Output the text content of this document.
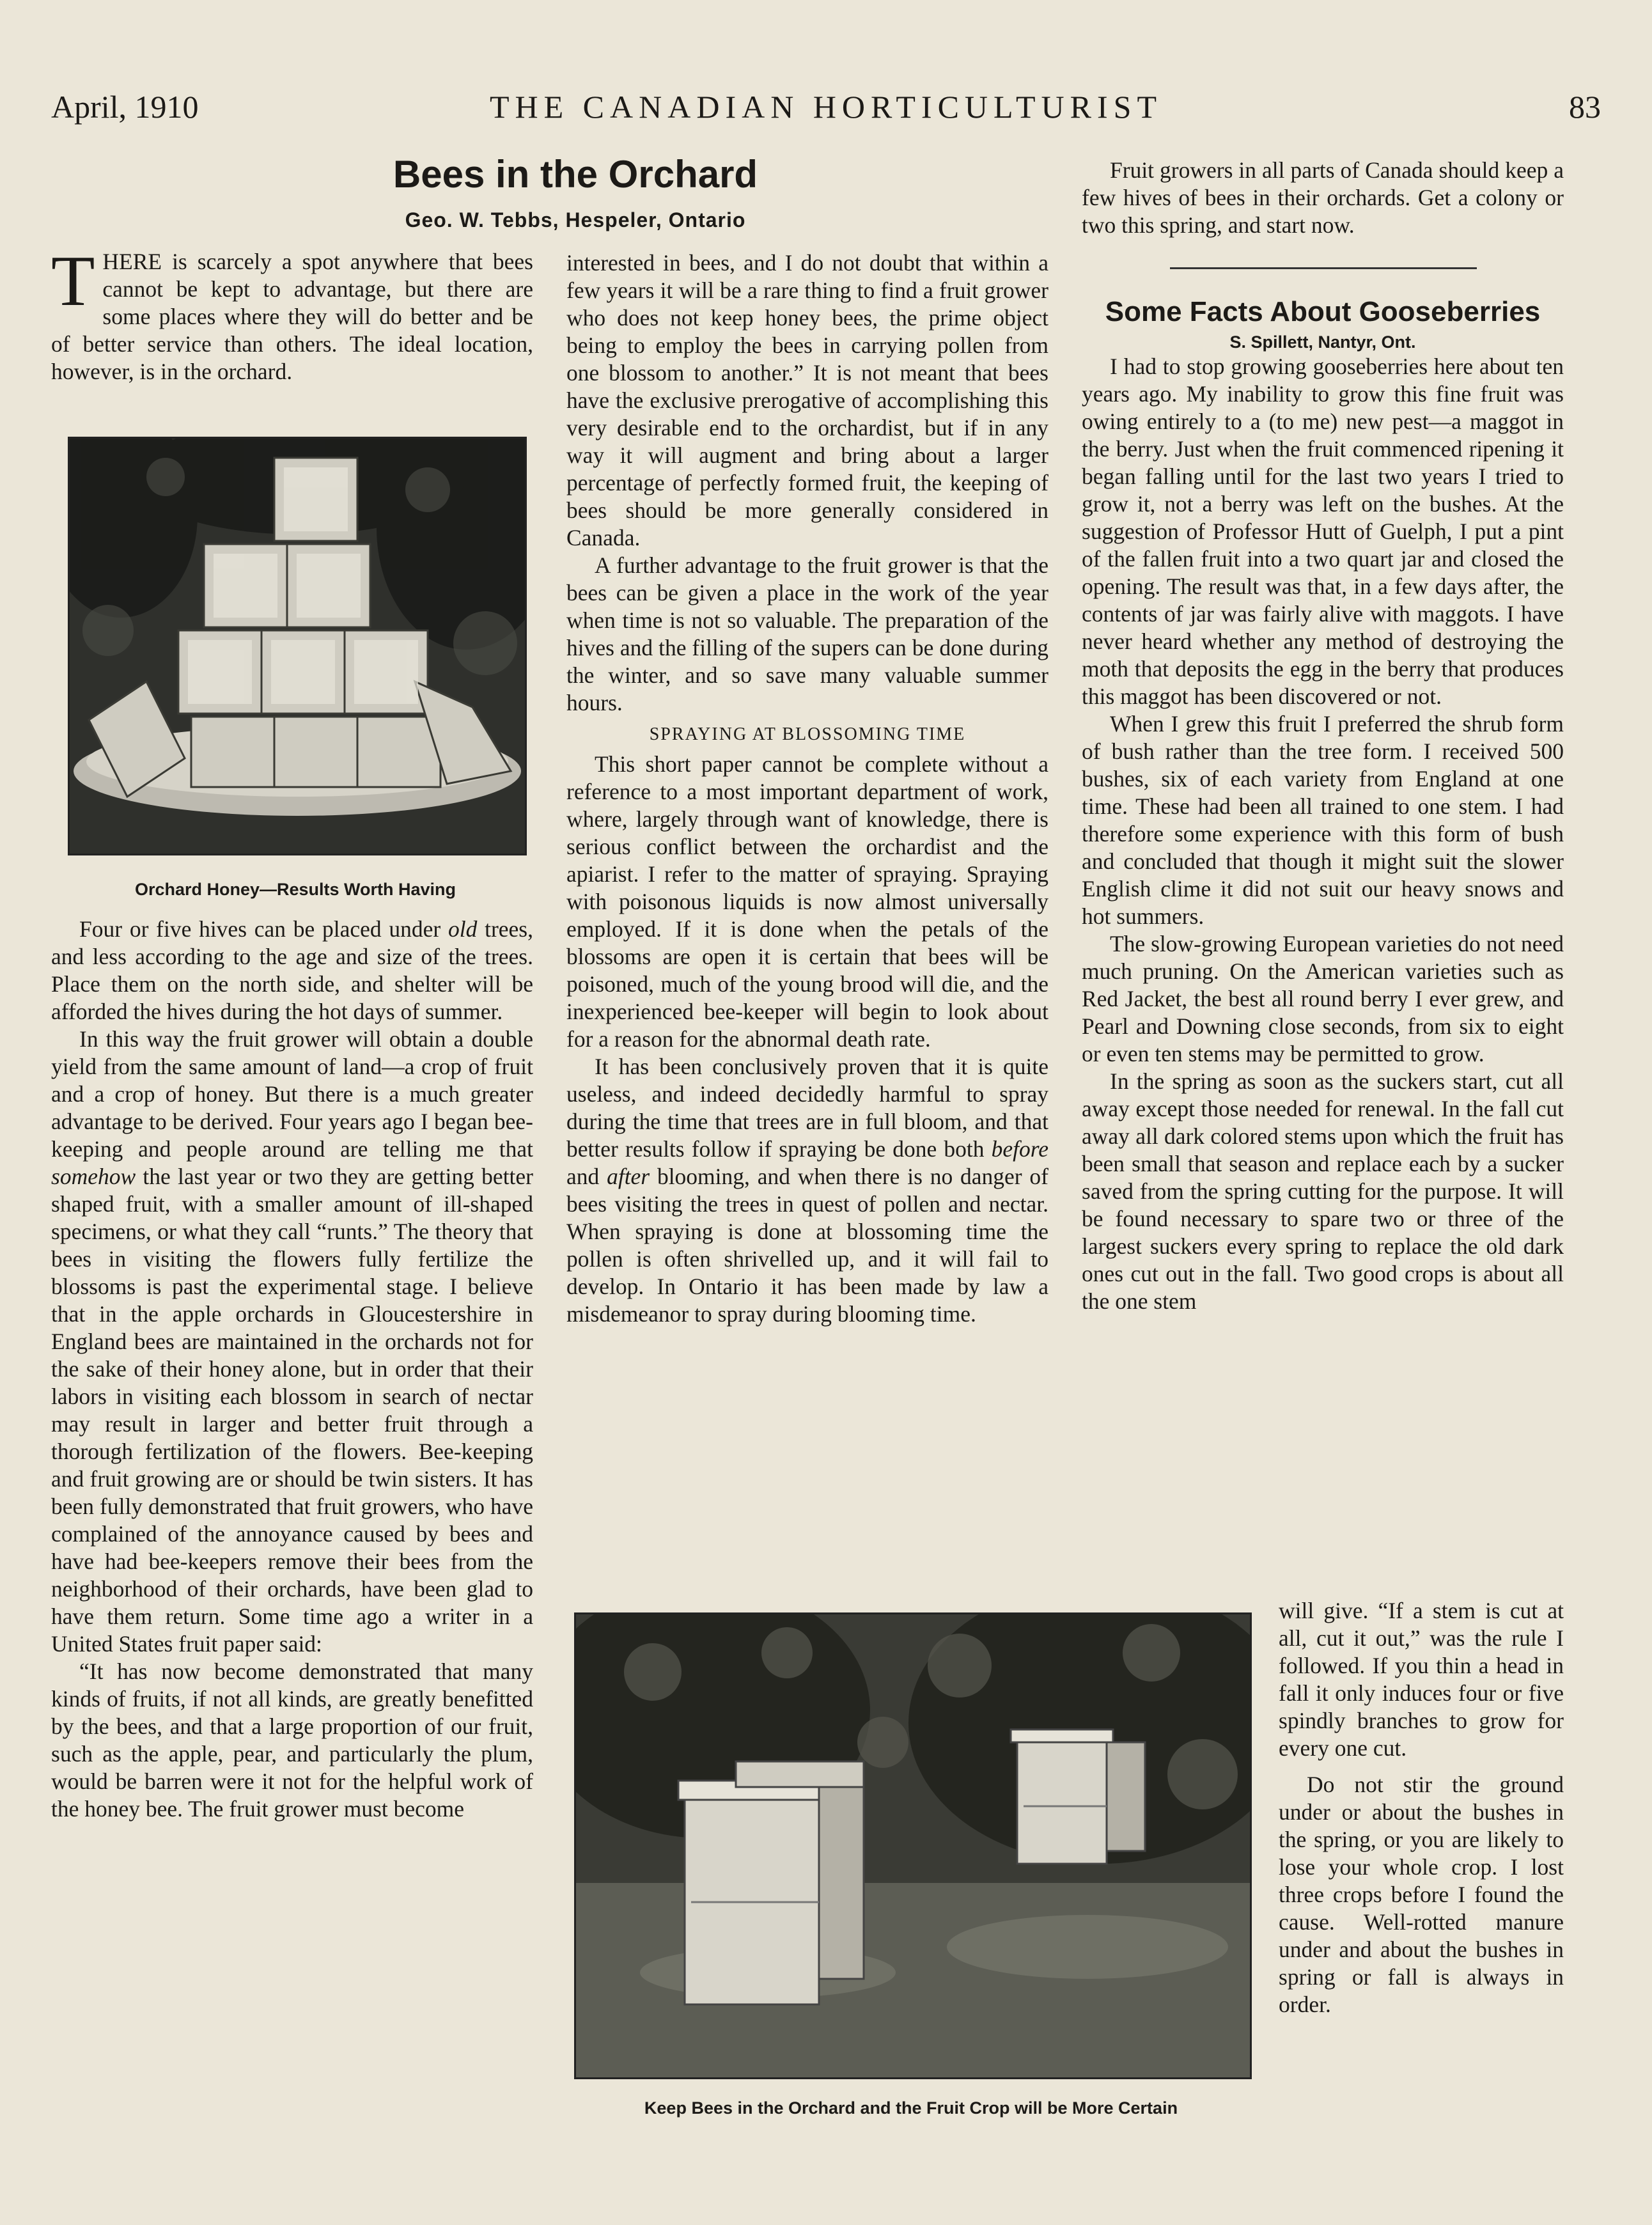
April, 1910	THE CANADIAN HORTICULTURIST	83
Bees in the Orchard
Geo. W. Tebbs, Hespeler, Ontario

THERE is scarcely a spot anywhere that bees cannot be kept to advantage, but there are some places where they will do better and be of better service than others. The ideal location, however, is in the orchard.

Orchard Honey—Results Worth Having

Four or five hives can be placed under old trees, and less according to the age and size of the trees. Place them on the north side, and shelter will be afforded the hives during the hot days of summer.

In this way the fruit grower will obtain a double yield from the same amount of land—a crop of fruit and a crop of honey. But there is a much greater advantage to be derived. Four years ago I began bee-keeping and people around are telling me that somehow the last year or two they are getting better shaped fruit, with a smaller amount of ill-shaped specimens, or what they call “runts.” The theory that bees in visiting the flowers fully fertilize the blossoms is past the experimental stage. I believe that in the apple orchards in Gloucestershire in England bees are maintained in the orchards not for the sake of their honey alone, but in order that their labors in visiting each blossom in search of nectar may result in larger and better fruit through a thorough fertilization of the flowers. Bee-keeping and fruit growing are or should be twin sisters. It has been fully demonstrated that fruit growers, who have complained of the annoyance caused by bees and have had bee-keepers remove their bees from the neighborhood of their orchards, have been glad to have them return. Some time ago a writer in a United States fruit paper said:

“It has now become demonstrated that many kinds of fruits, if not all kinds, are greatly benefitted by the bees, and that a large proportion of our fruit, such as the apple, pear, and particularly the plum, would be barren were it not for the helpful work of the honey bee. The fruit grower must become

interested in bees, and I do not doubt that within a few years it will be a rare thing to find a fruit grower who does not keep honey bees, the prime object being to employ the bees in carrying pollen from one blossom to another.” It is not meant that bees have the exclusive prerogative of accomplishing this very desirable end to the orchardist, but if in any way it will augment and bring about a larger percentage of perfectly formed fruit, the keeping of bees should be more generally considered in Canada.

A further advantage to the fruit grower is that the bees can be given a place in the work of the year when time is not so valuable. The preparation of the hives and the filling of the supers can be done during the winter, and so save many valuable summer hours.

SPRAYING AT BLOSSOMING TIME

This short paper cannot be complete without a reference to a most important department of work, where, largely through want of knowledge, there is serious conflict between the orchardist and the apiarist. I refer to the matter of spraying. Spraying with poisonous liquids is now almost universally employed. If it is done when the petals of the blossoms are open it is certain that bees will be poisoned, much of the young brood will die, and the inexperienced bee-keeper will begin to look about for a reason for the abnormal death rate.

It has been conclusively proven that it is quite useless, and indeed decidedly harmful to spray during the time that trees are in full bloom, and that better results follow if spraying be done both before and after blooming, and when there is no danger of bees visiting the trees in quest of pollen and nectar. When spraying is done at blossoming time the pollen is often shrivelled up, and it will fail to develop. In Ontario it has been made by law a misdemeanor to spray during blooming time.

Keep Bees in the Orchard and the Fruit Crop will be More Certain

Fruit growers in all parts of Canada should keep a few hives of bees in their orchards. Get a colony or two this spring, and start now.

Some Facts About Gooseberries

S. Spillett, Nantyr, Ont.

I had to stop growing gooseberries here about ten years ago. My inability to grow this fine fruit was owing entirely to a (to me) new pest—a maggot in the berry. Just when the fruit commenced ripening it began falling until for the last two years I tried to grow it, not a berry was left on the bushes. At the suggestion of Professor Hutt of Guelph, I put a pint of the fallen fruit into a two quart jar and closed the opening. The result was that, in a few days after, the contents of jar was fairly alive with maggots. I have never heard whether any method of destroying the moth that deposits the egg in the berry that produces this maggot has been discovered or not.

When I grew this fruit I preferred the shrub form of bush rather than the tree form. I received 500 bushes, six of each variety from England at one time. These had been all trained to one stem. I had therefore some experience with this form of bush and concluded that though it might suit the slower English clime it did not suit our heavy snows and hot summers.

The slow-growing European varieties do not need much pruning. On the American varieties such as Red Jacket, the best all round berry I ever grew, and Pearl and Downing close seconds, from six to eight or even ten stems may be permitted to grow.

In the spring as soon as the suckers start, cut all away except those needed for renewal. In the fall cut away all dark colored stems upon which the fruit has been small that season and replace each by a sucker saved from the spring cutting for the purpose. It will be found necessary to spare two or three of the largest suckers every spring to replace the old dark ones cut out in the fall. Two good crops is about all the one stem

will give. “If a stem is cut at all, cut it out,” was the rule I followed. If you thin a head in fall it only induces four or five spindly branches to grow for every one cut.

Do not stir the ground under or about the bushes in the spring, or you are likely to lose your whole crop. I lost three crops before I found the cause. Well-rotted manure under and about the bushes in spring or fall is always in order.
